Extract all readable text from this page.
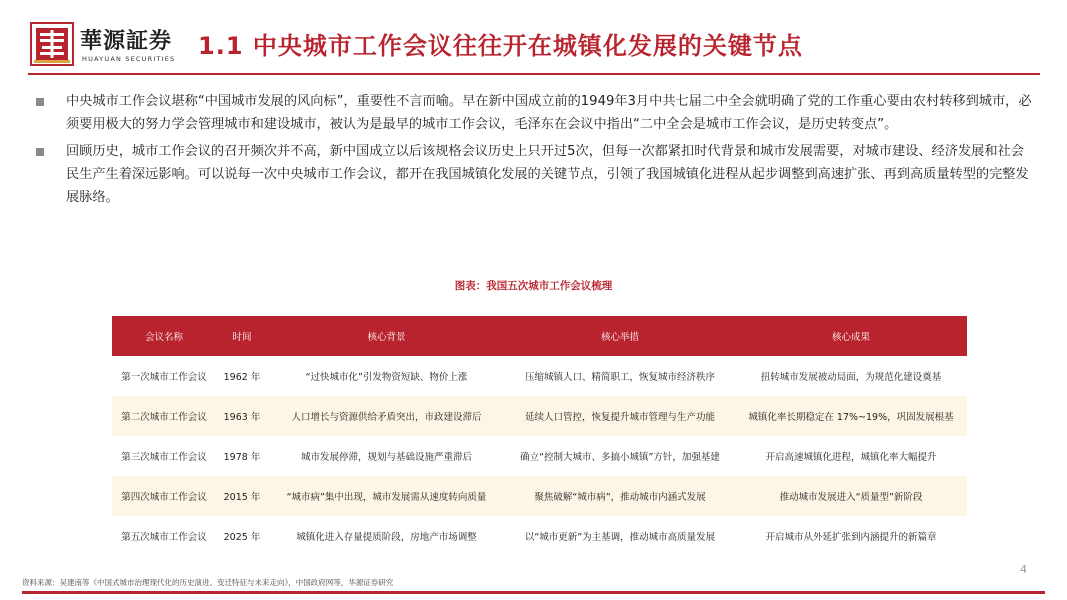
華源証券
HUAYUAN SECURITIES 1.1 中央城市工作会议往往开在城镇化发展的关键节点
中央城市工作会议堪称“中国城市发展的风向标”，重要性不言而喻。早在新中国成立前的1949年3月中共七届二中全会就明确了党的工作重心要由农村转移到城市，必须要用极大的努力学会管理城市和建设城市，被认为是最早的城市工作会议，毛泽东在会议中指出“二中全会是城市工作会议，是历史转变点”。
回顾历史，城市工作会议的召开频次并不高，新中国成立以后该规格会议历史上只开过5次，但每一次都紧扣时代背景和城市发展需要，对城市建设、经济发展和社会民生产生着深远影响。可以说每一次中央城市工作会议，都开在我国城镇化发展的关键节点，引领了我国城镇化进程从起步调整到高速扩张、再到高质量转型的完整发展脉络。
图表：我国五次城市工作会议梳理
会议名称	时间	核心背景	核心举措	核心成果
第一次城市工作会议	1962 年	“过快城市化”引发物资短缺、物价上涨	压缩城镇人口、精简职工，恢复城市经济秩序	扭转城市发展被动局面，为规范化建设奠基
第二次城市工作会议	1963 年	人口增长与资源供给矛盾突出，市政建设滞后	延续人口管控，恢复提升城市管理与生产功能	城镇化率长期稳定在 17%~19%，巩固发展根基
第三次城市工作会议	1978 年	城市发展停滞，规划与基础设施严重滞后	确立“控制大城市、多搞小城镇”方针，加强基建	开启高速城镇化进程，城镇化率大幅提升
第四次城市工作会议	2015 年	“城市病”集中出现，城市发展需从速度转向质量	聚焦破解“城市病”，推动城市内涵式发展	推动城市发展进入“质量型”新阶段
第五次城市工作会议	2025 年	城镇化进入存量提质阶段，房地产市场调整	以“城市更新”为主基调，推动城市高质量发展	开启城市从外延扩张到内涵提升的新篇章
4
资料来源：吴建南等《中国式城市治理现代化的历史演进、变迁特征与未来走向》，中国政府网等，华源证券研究
